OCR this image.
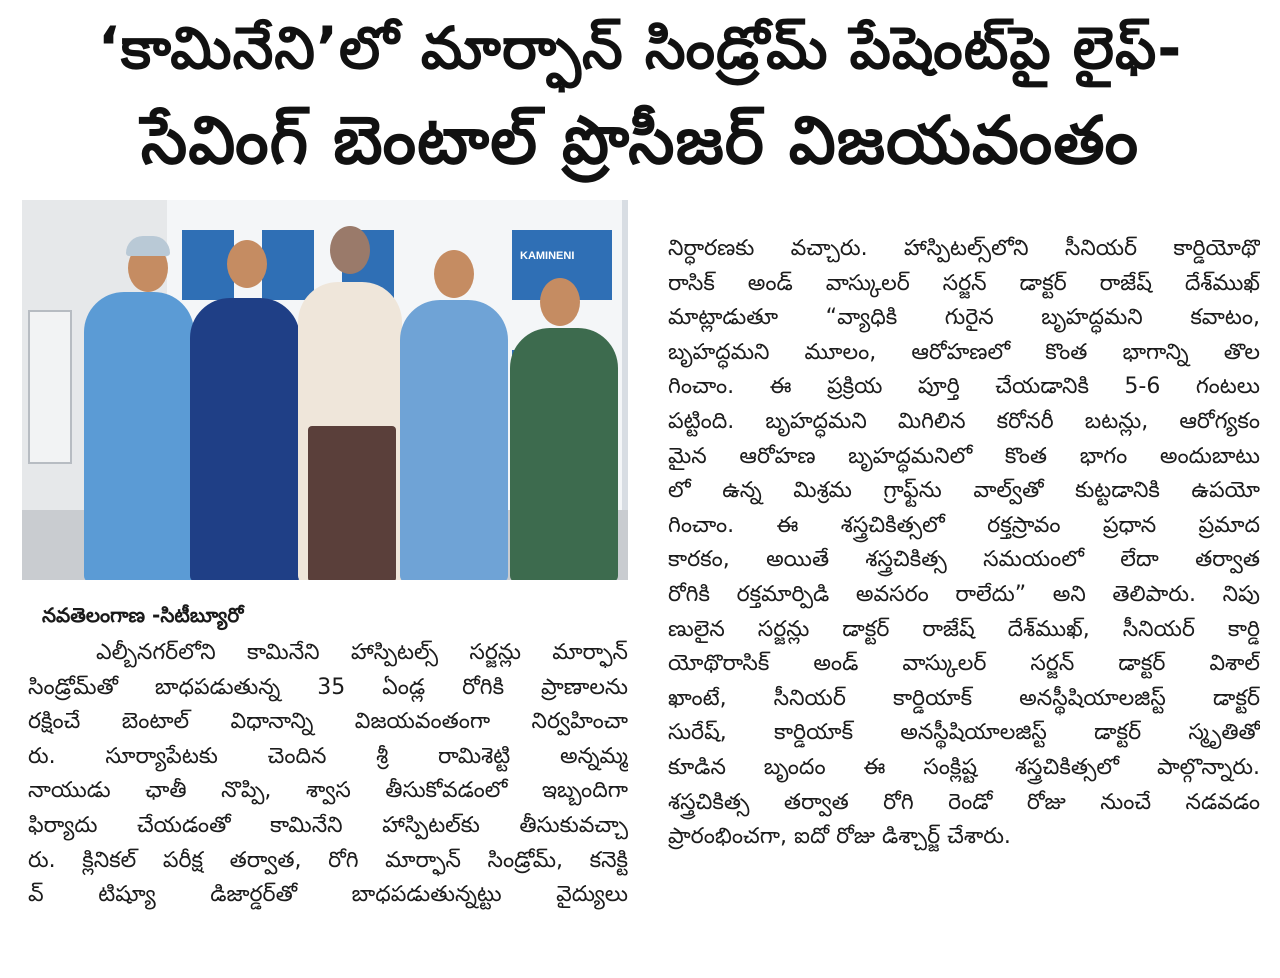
‘కామినేని’లో మార్ఫాన్ సిండ్రోమ్ పేషెంట్‌పై లైఫ్-
సేవింగ్ బెంటాల్ ప్రొసీజర్ విజయవంతం
KAMINENI
నవతెలంగాణ -సిటీబ్యూరో
ఎల్బీనగర్‌లోని కామినేని హాస్పిటల్స్ సర్జన్లు మార్ఫాన్
సిండ్రోమ్‌తో బాధపడుతున్న 35 ఏండ్ల రోగికి ప్రాణాలను
రక్షించే బెంటాల్ విధానాన్ని విజయవంతంగా నిర్వహించా
రు. సూర్యాపేటకు చెందిన శ్రీ రామిశెట్టి అన్నమ్మ
నాయుడు ఛాతీ నొప్పి, శ్వాస తీసుకోవడంలో ఇబ్బందిగా
ఫిర్యాదు చేయడంతో కామినేని హాస్పిటల్‌కు తీసుకువచ్చా
రు. క్లినికల్ పరీక్ష తర్వాత, రోగి మార్ఫాన్ సిండ్రోమ్, కనెక్టి
వ్ టిష్యూ డిజార్డర్‌తో బాధపడుతున్నట్టు వైద్యులు
నిర్ధారణకు వచ్చారు. హాస్పిటల్స్‌లోని సీనియర్ కార్డియోథొ
రాసిక్ అండ్ వాస్కులర్ సర్జన్ డాక్టర్ రాజేష్ దేశ్‌ముఖ్
మాట్లాడుతూ “వ్యాధికి గురైన బృహద్ధమని కవాటం,
బృహద్ధమని మూలం, ఆరోహణలో కొంత భాగాన్ని తొల
గించాం. ఈ ప్రక్రియ పూర్తి చేయడానికి 5-6 గంటలు
పట్టింది. బృహద్ధమని మిగిలిన కరోనరీ బటన్లు, ఆరోగ్యకం
మైన ఆరోహణ బృహద్ధమనిలో కొంత భాగం అందుబాటు
లో ఉన్న మిశ్రమ గ్రాఫ్ట్‌ను వాల్వ్‌తో కుట్టడానికి ఉపయో
గించాం. ఈ శస్త్రచికిత్సలో రక్తస్రావం ప్రధాన ప్రమాద
కారకం, అయితే శస్త్రచికిత్స సమయంలో లేదా తర్వాత
రోగికి రక్తమార్పిడి అవసరం రాలేదు” అని తెలిపారు. నిపు
ణులైన సర్జన్లు డాక్టర్ రాజేష్ దేశ్‌ముఖ్, సీనియర్ కార్డి
యోథొరాసిక్ అండ్ వాస్కులర్ సర్జన్ డాక్టర్ విశాల్
ఖాంటే, సీనియర్ కార్డియాక్ అనస్థీషియాలజిస్ట్ డాక్టర్
సురేష్, కార్డియాక్ అనస్థీషియాలజిస్ట్ డాక్టర్ స్మృతితో
కూడిన బృందం ఈ సంక్లిష్ట శస్త్రచికిత్సలో పాల్గొన్నారు.
శస్త్రచికిత్స తర్వాత రోగి రెండో రోజు నుంచే నడవడం
ప్రారంభించగా, ఐదో రోజు డిశ్చార్జ్ చేశారు.
